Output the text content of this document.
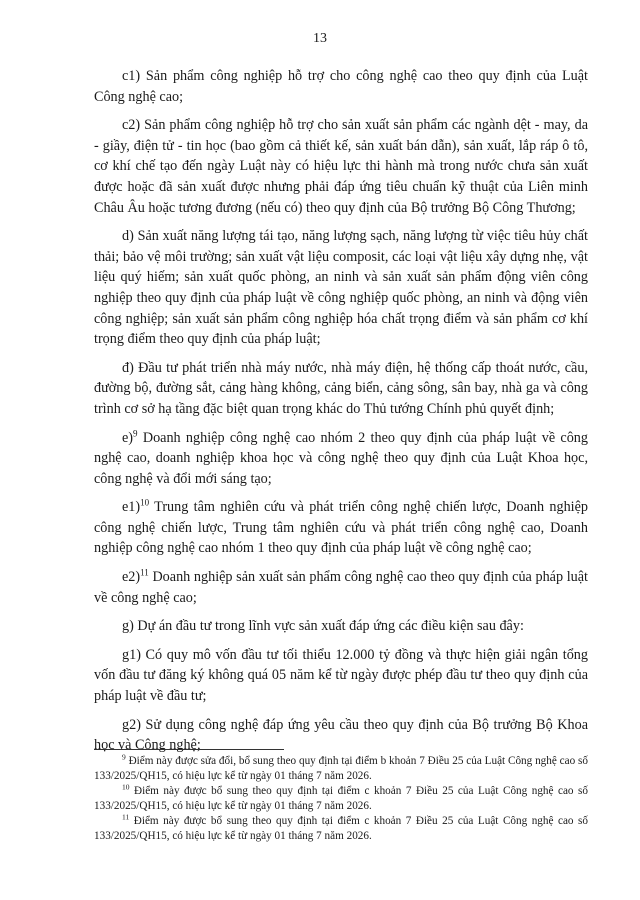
13

c1) Sản phẩm công nghiệp hỗ trợ cho công nghệ cao theo quy định của Luật Công nghệ cao;

c2) Sản phẩm công nghiệp hỗ trợ cho sản xuất sản phẩm các ngành dệt - may, da - giầy, điện tử - tin học (bao gồm cả thiết kế, sản xuất bán dẫn), sản xuất, lắp ráp ô tô, cơ khí chế tạo đến ngày Luật này có hiệu lực thi hành mà trong nước chưa sản xuất được hoặc đã sản xuất được nhưng phải đáp ứng tiêu chuẩn kỹ thuật của Liên minh Châu Âu hoặc tương đương (nếu có) theo quy định của Bộ trưởng Bộ Công Thương;

d) Sản xuất năng lượng tái tạo, năng lượng sạch, năng lượng từ việc tiêu hủy chất thải; bảo vệ môi trường; sản xuất vật liệu composit, các loại vật liệu xây dựng nhẹ, vật liệu quý hiếm; sản xuất quốc phòng, an ninh và sản xuất sản phẩm động viên công nghiệp theo quy định của pháp luật về công nghiệp quốc phòng, an ninh và động viên công nghiệp; sản xuất sản phẩm công nghiệp hóa chất trọng điểm và sản phẩm cơ khí trọng điểm theo quy định của pháp luật;

đ) Đầu tư phát triển nhà máy nước, nhà máy điện, hệ thống cấp thoát nước, cầu, đường bộ, đường sắt, cảng hàng không, cảng biển, cảng sông, sân bay, nhà ga và công trình cơ sở hạ tầng đặc biệt quan trọng khác do Thủ tướng Chính phủ quyết định;

e)$^9$ Doanh nghiệp công nghệ cao nhóm 2 theo quy định của pháp luật về công nghệ cao, doanh nghiệp khoa học và công nghệ theo quy định của Luật Khoa học, công nghệ và đổi mới sáng tạo;

e1)$^{10}$ Trung tâm nghiên cứu và phát triển công nghệ chiến lược, Doanh nghiệp công nghệ chiến lược, Trung tâm nghiên cứu và phát triển công nghệ cao, Doanh nghiệp công nghệ cao nhóm 1 theo quy định của pháp luật về công nghệ cao;

e2)$^{11}$ Doanh nghiệp sản xuất sản phẩm công nghệ cao theo quy định của pháp luật về công nghệ cao;

g) Dự án đầu tư trong lĩnh vực sản xuất đáp ứng các điều kiện sau đây:

g1) Có quy mô vốn đầu tư tối thiểu 12.000 tỷ đồng và thực hiện giải ngân tổng vốn đầu tư đăng ký không quá 05 năm kể từ ngày được phép đầu tư theo quy định của pháp luật về đầu tư;

g2) Sử dụng công nghệ đáp ứng yêu cầu theo quy định của Bộ trưởng Bộ Khoa học và Công nghệ;

$^9$ Điểm này được sửa đổi, bổ sung theo quy định tại điểm b khoản 7 Điều 25 của Luật Công nghệ cao số 133/2025/QH15, có hiệu lực kể từ ngày 01 tháng 7 năm 2026.

$^{10}$ Điểm này được bổ sung theo quy định tại điểm c khoản 7 Điều 25 của Luật Công nghệ cao số 133/2025/QH15, có hiệu lực kể từ ngày 01 tháng 7 năm 2026.

$^{11}$ Điểm này được bổ sung theo quy định tại điểm c khoản 7 Điều 25 của Luật Công nghệ cao số 133/2025/QH15, có hiệu lực kể từ ngày 01 tháng 7 năm 2026.
